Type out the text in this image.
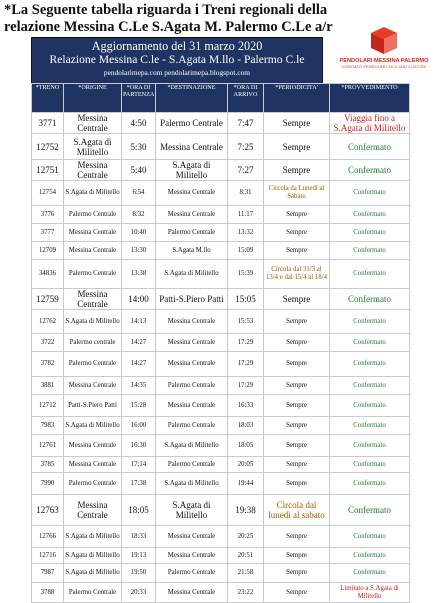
*La Seguente tabella riguarda i Treni regionali della relazione Messina C.Le S.Agata M. Palermo C.Le a/r
PENDOLARI MESSINA PALERMO
COMITATO PENDOLARI SICILIANI CUSTODI
Aggiornamento del 31 marzo 2020
Relazione Messina C.le - S.Agata M.llo - Palermo C.le
pendolarimepa.com pendolarimepa.blogspot.com
*TRENO	*ORIGINE	*ORA DI PARTENZA	*DESTINAZIONE	*ORA DI ARRIVO	*PERIODICITA'	*PROVVEDIMENTO
3771	Messina Centrale	4:50	Palermo Centrale	7:47	Sempre	Viaggia fino a S.Agata di Militello
12752	S.Agata di Militello	5:30	Messina Centrale	7:25	Sempre	Confermato
12751	Messina Centrale	5:40	S.Agata di Militello	7:27	Sempre	Confermato
12754	S.Agata di Militello	6:54	Messina Centrale	8:31	Circola da Lunedì al Sabato	Confermato
3776	Palermo Centrale	8:32	Messina Centrale	11:17	Sempre	Confermato
3777	Messina Centrale	10:40	Palermo Centrale	13:32	Sempre	Confermato
12709	Messina Centrale	13:30	S.Agata M.llo	15:09	Sempre	Confermato
34836	Palermo Centrale	13:38	S.Agata di Militello	15:39	Circola dal 31/3 al 13/4 e dal 15/4 al 18/4	Confermato
12759	Messina Centrale	14:00	Patti-S.Piero Patti	15:05	Sempre	Confermato
12762	S.Agata di Militello	14:13	Messina Centrale	15:53	Sempre	Confermato
3722	Palermo centrale	14:27	Messina Centrale	17:29	Sempre	Confermato
3782	Palermo Centrale	14:27	Messina Centrale	17:29	Sempre	Confermato
3881	Messina Centrale	14:35	Palermo Centrale	17:29	Sempre	Confermato
12712	Patti-S.Piero Patti	15:28	Messina Centrale	16:33	Sempre	Confermato
7983	S.Agata di Militello	16:00	Palermo Centrale	18:03	Sempre	Confermato
12761	Messina Centrale	16:30	S.Agata di Militello	18:05	Sempre	Confermato
3785	Messina Centrale	17:14	Palermo Centrale	20:05	Sempre	Confermato
7990	Palermo Centrale	17:38	S.Agata di Militello	19:44	Sempre	Confermato
12763	Messina Centrale	18:05	S.Agata di Militello	19:38	Circola dal lunedì al sabato	Confermato
12766	S.Agata di Militello	18:33	Messina Centrale	20:25	Sempre	Confermato
12716	S.Agata di Militello	19:13	Messina Centrale	20:51	Sempre	Confermato
7987	S.Agata di Militello	19:50	Palermo Centrale	21:58	Sempre	Confermato
3788	Palermo Centrale	20:33	Messina Centrale	23:22	Sempre	Limitato a S.Agata di Militello
